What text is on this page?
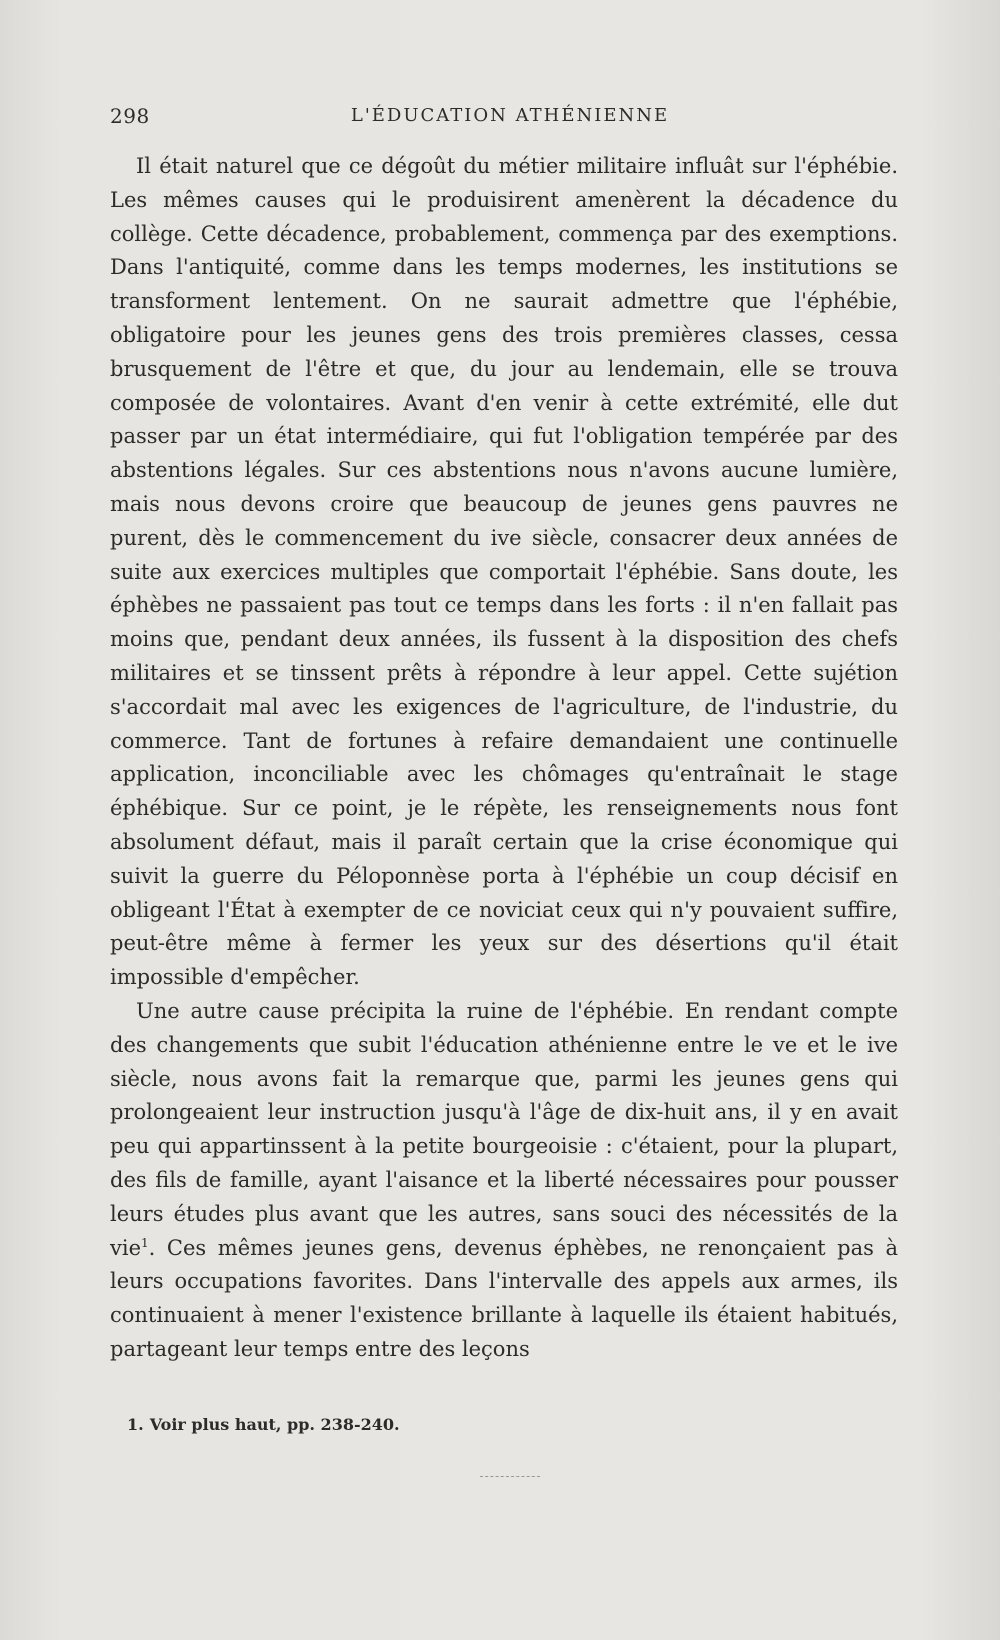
298	L'ÉDUCATION ATHÉNIENNE

Il était naturel que ce dégoût du métier militaire influât sur l'éphébie. Les mêmes causes qui le produisirent amenèrent la décadence du collège. Cette décadence, probablement, commença par des exemptions. Dans l'antiquité, comme dans les temps modernes, les institutions se transforment lentement. On ne saurait admettre que l'éphébie, obligatoire pour les jeunes gens des trois premières classes, cessa brusquement de l'être et que, du jour au lendemain, elle se trouva composée de volontaires. Avant d'en venir à cette extrémité, elle dut passer par un état intermédiaire, qui fut l'obligation tempérée par des abstentions légales. Sur ces abstentions nous n'avons aucune lumière, mais nous devons croire que beaucoup de jeunes gens pauvres ne purent, dès le commencement du ive siècle, consacrer deux années de suite aux exercices multiples que comportait l'éphébie. Sans doute, les éphèbes ne passaient pas tout ce temps dans les forts : il n'en fallait pas moins que, pendant deux années, ils fussent à la disposition des chefs militaires et se tinssent prêts à répondre à leur appel. Cette sujétion s'accordait mal avec les exigences de l'agriculture, de l'industrie, du commerce. Tant de fortunes à refaire demandaient une continuelle application, inconciliable avec les chômages qu'entraînait le stage éphébique. Sur ce point, je le répète, les renseignements nous font absolument défaut, mais il paraît certain que la crise économique qui suivit la guerre du Péloponnèse porta à l'éphébie un coup décisif en obligeant l'État à exempter de ce noviciat ceux qui n'y pouvaient suffire, peut-être même à fermer les yeux sur des désertions qu'il était impossible d'empêcher.

Une autre cause précipita la ruine de l'éphébie. En rendant compte des changements que subit l'éducation athénienne entre le ve et le ive siècle, nous avons fait la remarque que, parmi les jeunes gens qui prolongeaient leur instruction jusqu'à l'âge de dix-huit ans, il y en avait peu qui appartinssent à la petite bourgeoisie : c'étaient, pour la plupart, des fils de famille, ayant l'aisance et la liberté nécessaires pour pousser leurs études plus avant que les autres, sans souci des nécessités de la vie$^1$. Ces mêmes jeunes gens, devenus éphèbes, ne renonçaient pas à leurs occupations favorites. Dans l'intervalle des appels aux armes, ils continuaient à mener l'existence brillante à laquelle ils étaient habitués, partageant leur temps entre des leçons

1. Voir plus haut, pp. 238-240.
